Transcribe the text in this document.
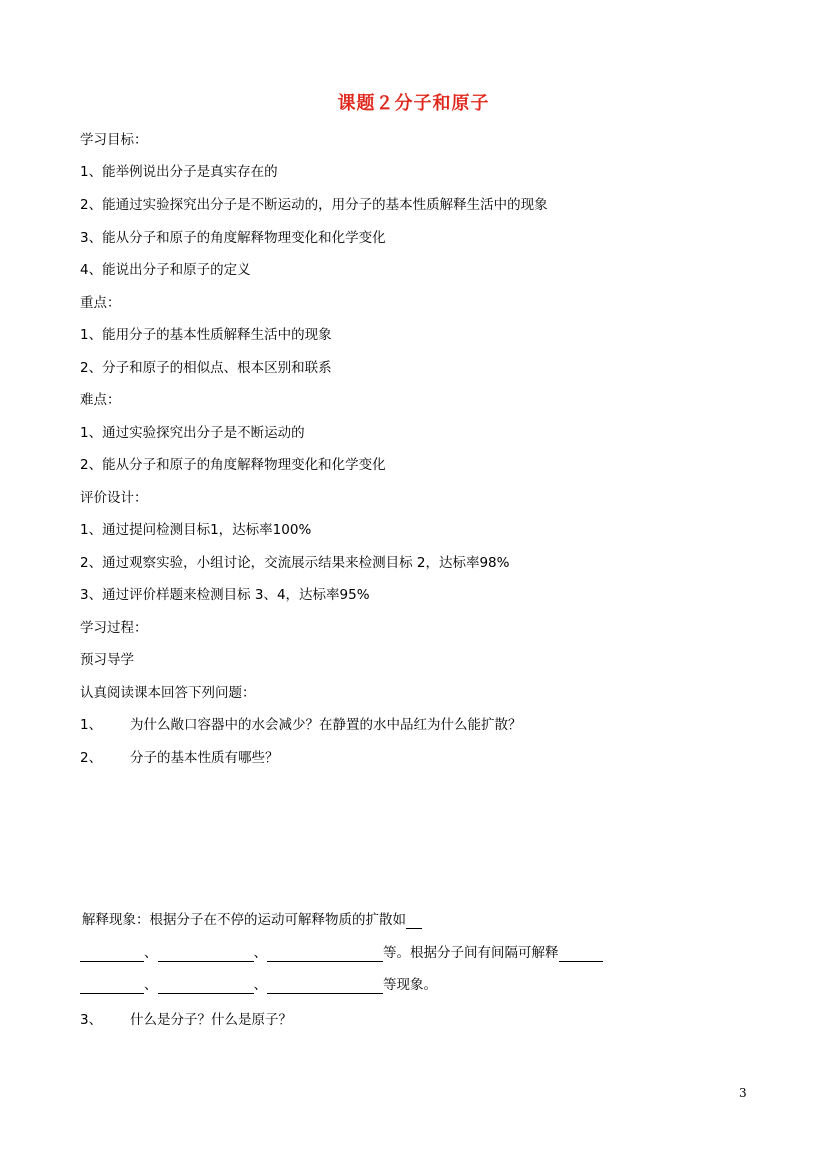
课题２分子和原子
学习目标：
1、能举例说出分子是真实存在的
2、能通过实验探究出分子是不断运动的，用分子的基本性质解释生活中的现象
3、能从分子和原子的角度解释物理变化和化学变化
4、能说出分子和原子的定义
重点：
1、能用分子的基本性质解释生活中的现象
2、分子和原子的相似点、根本区别和联系
难点：
1、通过实验探究出分子是不断运动的
2、能从分子和原子的角度解释物理变化和化学变化
评价设计：
1、通过提问检测目标1，达标率100%
2、通过观察实验，小组讨论，交流展示结果来检测目标 2，达标率98%
3、通过评价样题来检测目标 3、4，达标率95%
学习过程：
预习导学
认真阅读课本回答下列问题：
1、 为什么敞口容器中的水会减少？在静置的水中品红为什么能扩散？
2、 分子的基本性质有哪些？
解释现象：根据分子在不停的运动可解释物质的扩散如
、	、	等。根据分子间有间隔可解释
、	、	等现象。
3、 什么是分子？什么是原子？
3
